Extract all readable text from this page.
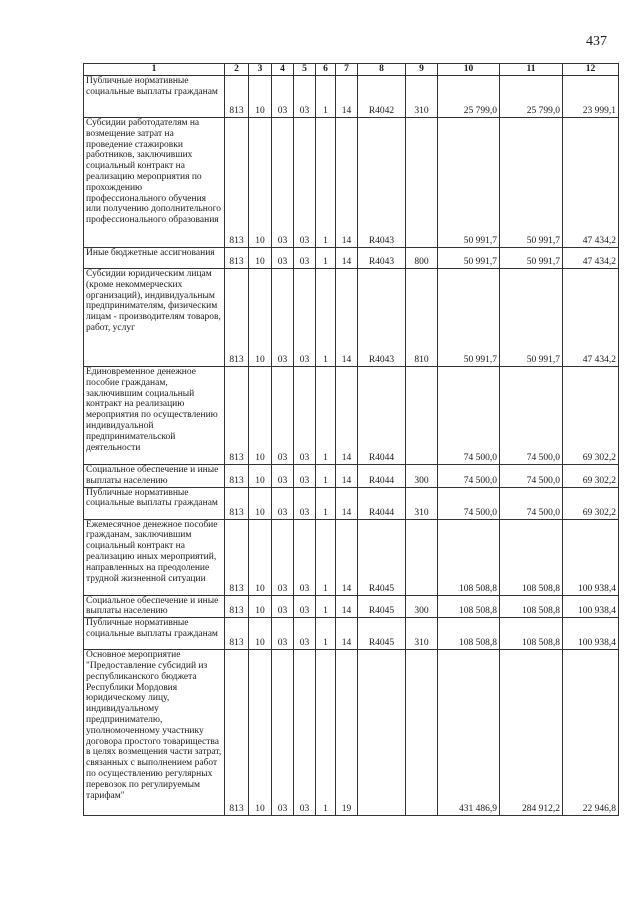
437
1	2	3	4	5	6	7	8	9	10	11	12
Публичные нормативные социальные выплаты гражданам	813	10	03	03	1	14	R4042	310	25 799,0	25 799,0	23 999,1
Субсидии работодателям на возмещение затрат на проведение стажировки работников, заключивших социальный контракт на реализацию мероприятия по прохождению профессионального обучения или получению дополнительного профессионального образования	813	10	03	03	1	14	R4043		50 991,7	50 991,7	47 434,2
Иные бюджетные ассигнования	813	10	03	03	1	14	R4043	800	50 991,7	50 991,7	47 434,2
Субсидии юридическим лицам (кроме некоммерческих организаций), индивидуальным предпринимателям, физическим лицам - производителям товаров, работ, услуг	813	10	03	03	1	14	R4043	810	50 991,7	50 991,7	47 434,2
Единовременное денежное пособие гражданам, заключившим социальный контракт на реализацию мероприятия по осуществлению индивидуальной предпринимательской деятельности	813	10	03	03	1	14	R4044		74 500,0	74 500,0	69 302,2
Социальное обеспечение и иные выплаты населению	813	10	03	03	1	14	R4044	300	74 500,0	74 500,0	69 302,2
Публичные нормативные социальные выплаты гражданам	813	10	03	03	1	14	R4044	310	74 500,0	74 500,0	69 302,2
Ежемесячное денежное пособие гражданам, заключившим социальный контракт на реализацию иных мероприятий, направленных на преодоление трудной жизненной ситуации	813	10	03	03	1	14	R4045		108 508,8	108 508,8	100 938,4
Социальное обеспечение и иные выплаты населению	813	10	03	03	1	14	R4045	300	108 508,8	108 508,8	100 938,4
Публичные нормативные социальные выплаты гражданам	813	10	03	03	1	14	R4045	310	108 508,8	108 508,8	100 938,4
Основное мероприятие "Предоставление субсидий из республиканского бюджета Республики Мордовия юридическому лицу, индивидуальному предпринимателю, уполномоченному участнику договора простого товарищества в целях возмещения части затрат, связанных с выполнением работ по осуществлению регулярных перевозок по регулируемым тарифам"	813	10	03	03	1	19			431 486,9	284 912,2	22 946,8
